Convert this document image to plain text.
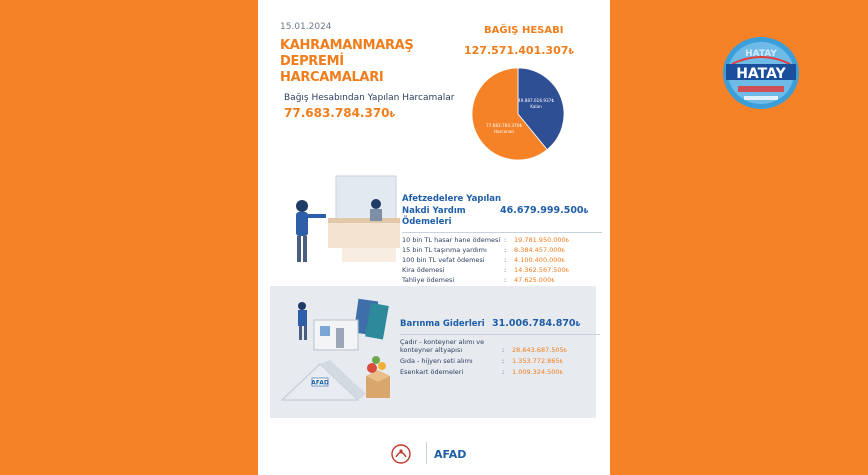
15.01.2024
KAHRAMANMARAŞ DEPREMİ
HARCAMALARI
Bağış Hesabından Yapılan Harcamalar
77.683.784.370₺
BAĞIŞ HESABI
127.571.401.307₺
49.887.616.937₺
Kalan
77.683.784.370₺
Harcanan
Afetzedelere Yapılan
Nakdi Yardım Ödemeleri
46.679.999.500₺
10 bin TL hasar hane ödemesi :	19.781.950.000₺
15 bin TL taşınma yardımı	:	8.384.457.000₺
100 bin TL vefat ödemesi	:	4.100.400.000₺
Kira ödemesi	:	14.362.567.500₺
Tahliye ödemesi	:	47.625.000₺
AFAD
Barınma Giderleri 31.006.784.870₺
Çadır - konteyner alımı ve
konteyner altyapısı	:	28.643.687.505₺
Gıda - hijyen seti alımı	:	1.353.772.865₺
Esenkart ödemeleri	:	1.009.324.500₺
AFAD
HATAY
HATAY
